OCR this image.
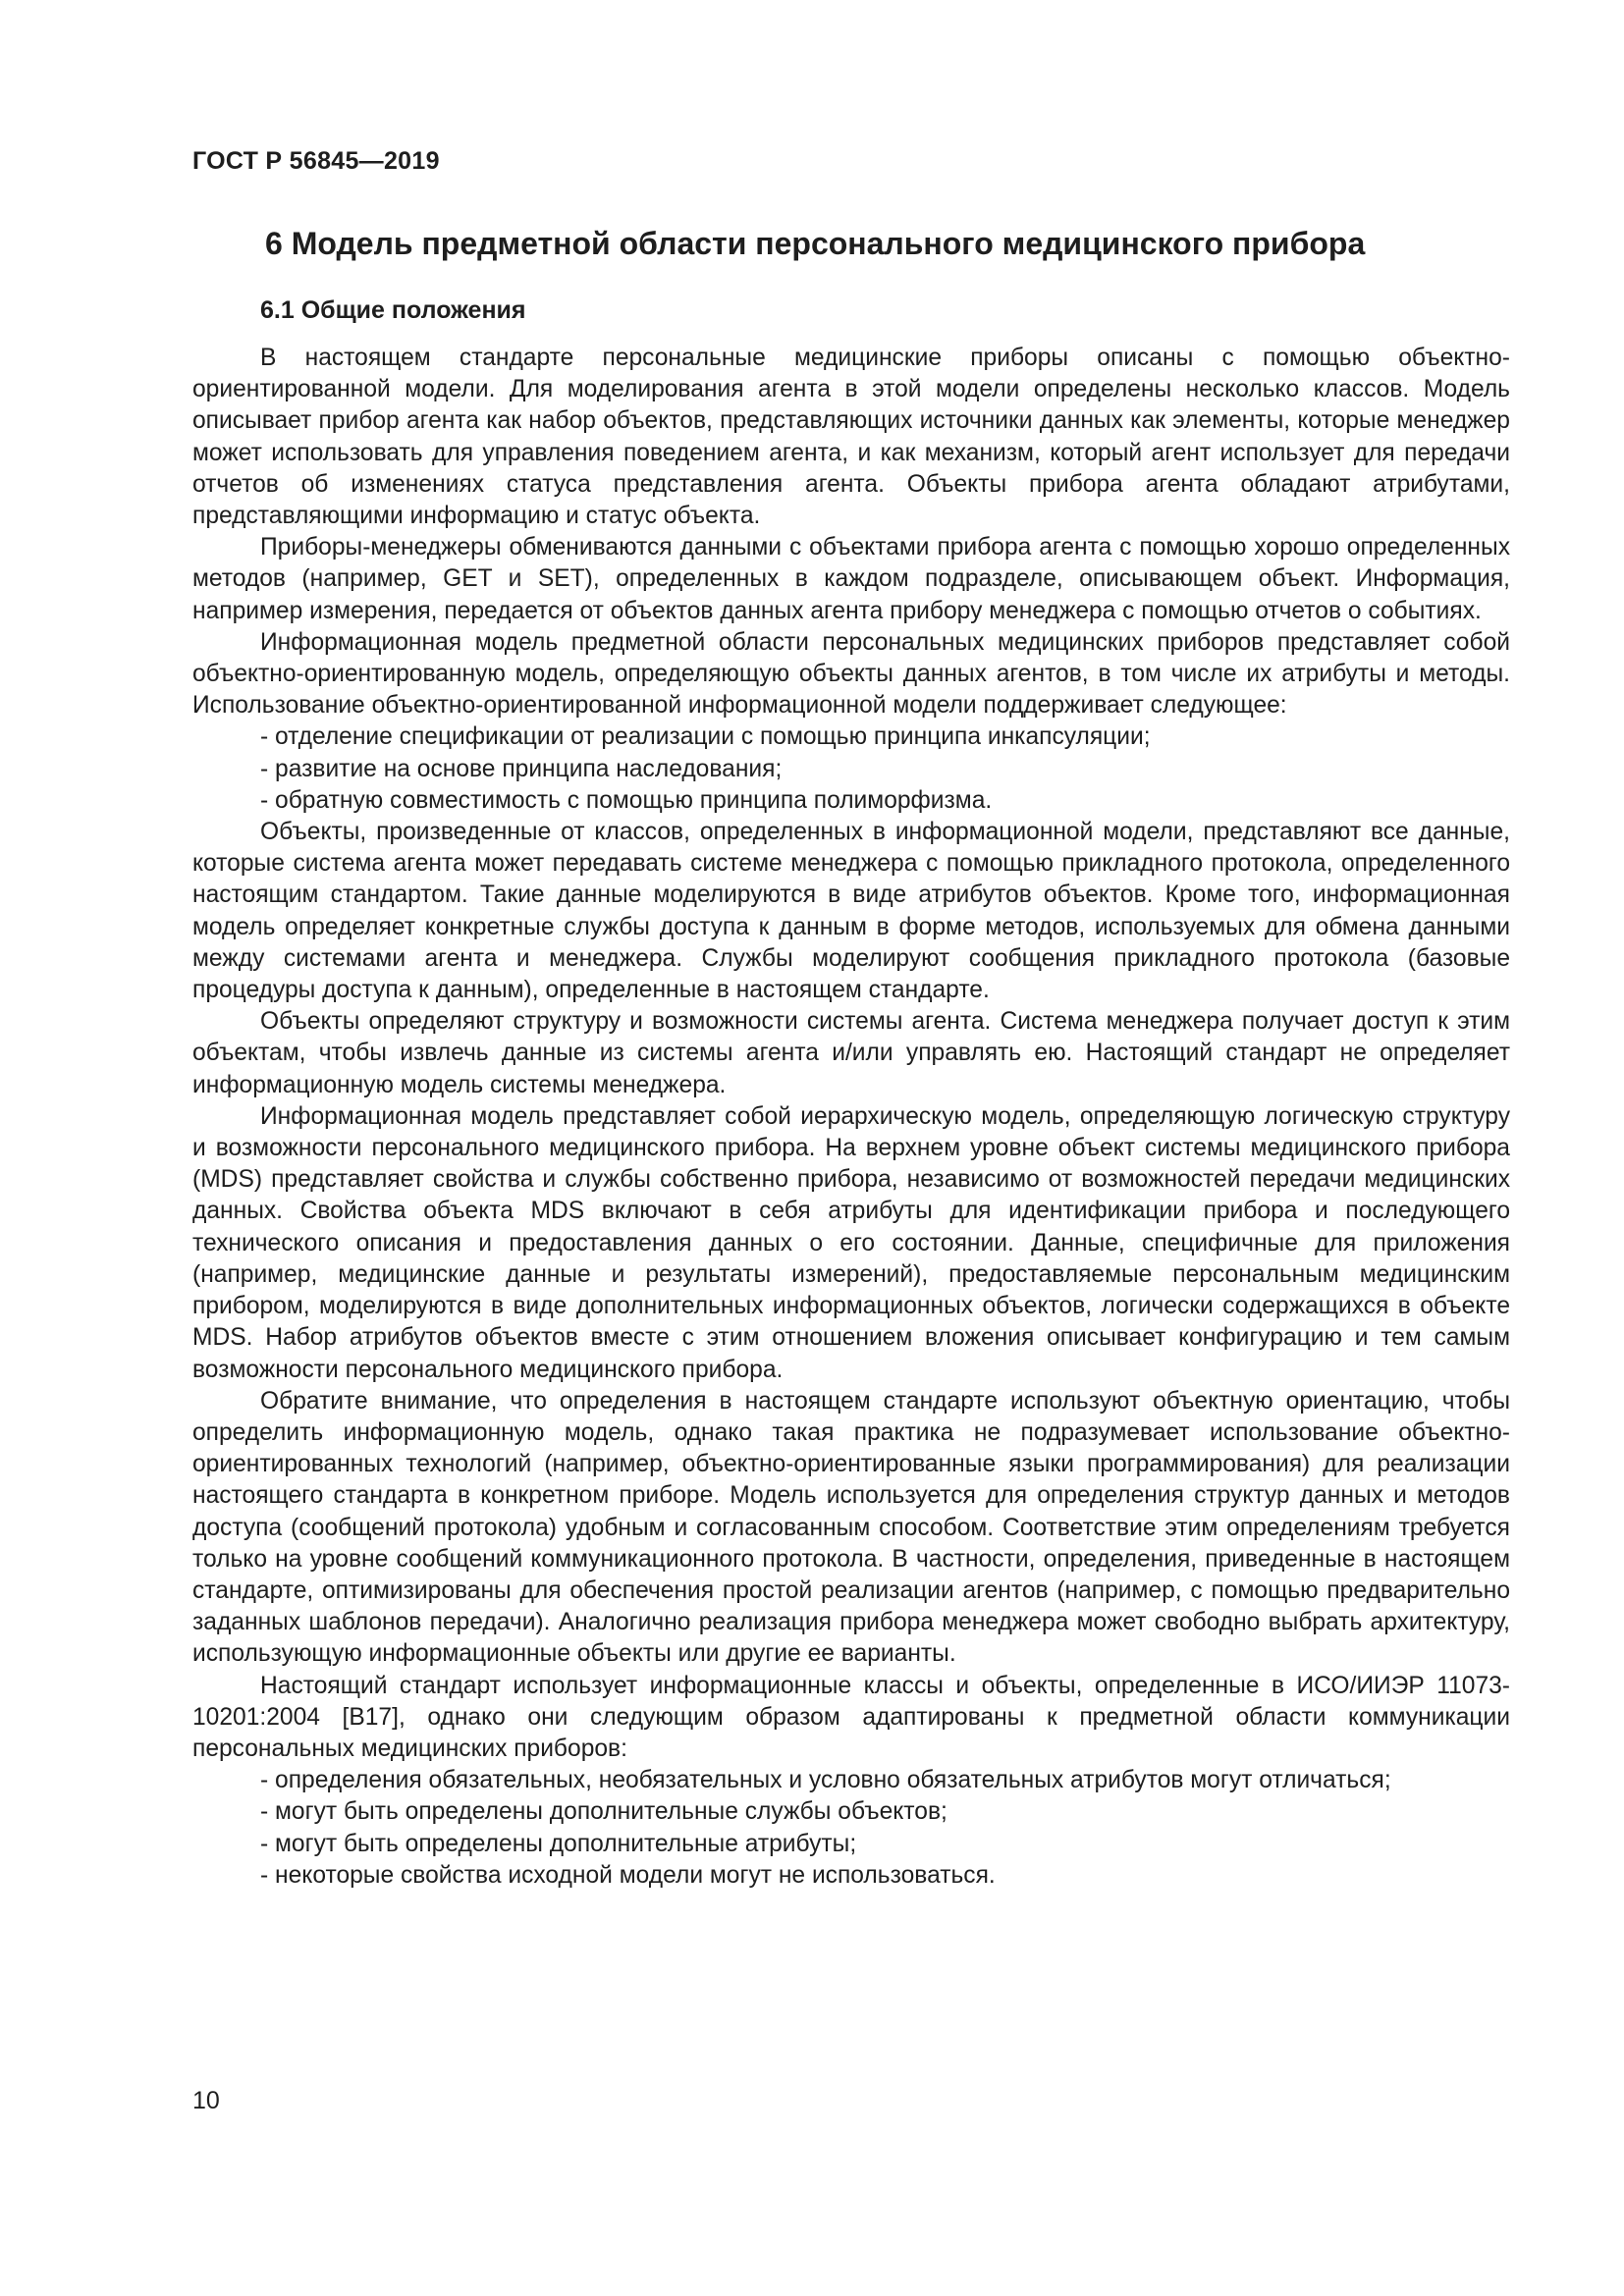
ГОСТ Р 56845—2019
6 Модель предметной области персонального медицинского прибора
6.1 Общие положения

В настоящем стандарте персональные медицинские приборы описаны с помощью объектно-ориентированной модели. Для моделирования агента в этой модели определены несколько классов. Модель описывает прибор агента как набор объектов, представляющих источники данных как элементы, которые менеджер может использовать для управления поведением агента, и как механизм, который агент использует для передачи отчетов об изменениях статуса представления агента. Объекты прибора агента обладают атрибутами, представляющими информацию и статус объекта.

Приборы-менеджеры обмениваются данными с объектами прибора агента с помощью хорошо определенных методов (например, GET и SET), определенных в каждом подразделе, описывающем объект. Информация, например измерения, передается от объектов данных агента прибору менеджера с помощью отчетов о событиях.

Информационная модель предметной области персональных медицинских приборов представляет собой объектно-ориентированную модель, определяющую объекты данных агентов, в том числе их атрибуты и методы. Использование объектно-ориентированной информационной модели поддерживает следующее:

- отделение спецификации от реализации с помощью принципа инкапсуляции;
- развитие на основе принципа наследования;
- обратную совместимость с помощью принципа полиморфизма.

Объекты, произведенные от классов, определенных в информационной модели, представляют все данные, которые система агента может передавать системе менеджера с помощью прикладного протокола, определенного настоящим стандартом. Такие данные моделируются в виде атрибутов объектов. Кроме того, информационная модель определяет конкретные службы доступа к данным в форме методов, используемых для обмена данными между системами агента и менеджера. Службы моделируют сообщения прикладного протокола (базовые процедуры доступа к данным), определенные в настоящем стандарте.

Объекты определяют структуру и возможности системы агента. Система менеджера получает доступ к этим объектам, чтобы извлечь данные из системы агента и/или управлять ею. Настоящий стандарт не определяет информационную модель системы менеджера.

Информационная модель представляет собой иерархическую модель, определяющую логическую структуру и возможности персонального медицинского прибора. На верхнем уровне объект системы медицинского прибора (MDS) представляет свойства и службы собственно прибора, независимо от возможностей передачи медицинских данных. Свойства объекта MDS включают в себя атрибуты для идентификации прибора и последующего технического описания и предоставления данных о его состоянии. Данные, специфичные для приложения (например, медицинские данные и результаты измерений), предоставляемые персональным медицинским прибором, моделируются в виде дополнительных информационных объектов, логически содержащихся в объекте MDS. Набор атрибутов объектов вместе с этим отношением вложения описывает конфигурацию и тем самым возможности персонального медицинского прибора.

Обратите внимание, что определения в настоящем стандарте используют объектную ориентацию, чтобы определить информационную модель, однако такая практика не подразумевает использование объектно-ориентированных технологий (например, объектно-ориентированные языки программирования) для реализации настоящего стандарта в конкретном приборе. Модель используется для определения структур данных и методов доступа (сообщений протокола) удобным и согласованным способом. Соответствие этим определениям требуется только на уровне сообщений коммуникационного протокола. В частности, определения, приведенные в настоящем стандарте, оптимизированы для обеспечения простой реализации агентов (например, с помощью предварительно заданных шаблонов передачи). Аналогично реализация прибора менеджера может свободно выбрать архитектуру, использующую информационные объекты или другие ее варианты.

Настоящий стандарт использует информационные классы и объекты, определенные в ИСО/ИИЭР 11073-10201:2004 [B17], однако они следующим образом адаптированы к предметной области коммуникации персональных медицинских приборов:

- определения обязательных, необязательных и условно обязательных атрибутов могут отличаться;
- могут быть определены дополнительные службы объектов;
- могут быть определены дополнительные атрибуты;
- некоторые свойства исходной модели могут не использоваться.
10
